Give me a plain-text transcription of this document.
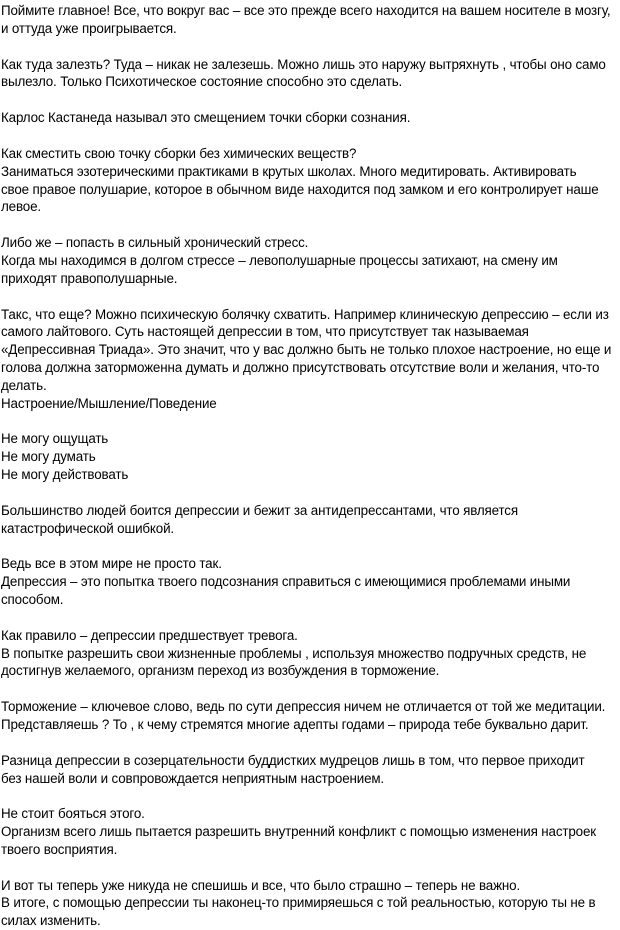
Поймите главное! Все, что вокруг вас – все это прежде всего находится на вашем носителе в мозгу,
и оттуда уже проигрывается.
Как туда залезть? Туда – никак не залезешь. Можно лишь это наружу вытряхнуть , чтобы оно само
вылезло. Только Психотическое состояние способно это сделать.
Карлос Кастанеда называл это смещением точки сборки сознания.
Как сместить свою точку сборки без химических веществ?
Заниматься эзотерическими практиками в крутых школах. Много медитировать. Активировать
свое правое полушарие, которое в обычном виде находится под замком и его контролирует наше
левое.
Либо же – попасть в сильный хронический стресс.
Когда мы находимся в долгом стрессе – левополушарные процессы затихают, на смену им
приходят правополушарные.
Такс, что еще? Можно психическую болячку схватить. Например клиническую депрессию – если из
самого лайтового. Суть настоящей депрессии в том, что присутствует так называемая
«Депрессивная Триада». Это значит, что у вас должно быть не только плохое настроение, но еще и
голова должна заторможенна думать и должно присутствовать отсутствие воли и желания, что-то
делать.
Настроение/Мышление/Поведение
Не могу ощущать
Не могу думать
Не могу действовать
Большинство людей боится депрессии и бежит за антидепрессантами, что является
катастрофической ошибкой.
Ведь все в этом мире не просто так.
Депрессия – это попытка твоего подсознания справиться с имеющимися проблемами иными
способом.
Как правило – депрессии предшествует тревога.
В попытке разрешить свои жизненные проблемы , используя множество подручных средств, не
достигнув желаемого, организм переход из возбуждения в торможение.
Торможение – ключевое слово, ведь по сути депрессия ничем не отличается от той же медитации.
Представляешь ? То , к чему стремятся многие адепты годами – природа тебе буквально дарит.
Разница депрессии в созерцательности буддистких мудрецов лишь в том, что первое приходит
без нашей воли и совпровождается неприятным настроением.
Не стоит бояться этого.
Организм всего лишь пытается разрешить внутренний конфликт с помощью изменения настроек
твоего восприятия.
И вот ты теперь уже никуда не спешишь и все, что было страшно – теперь не важно.
В итоге, с помощью депрессии ты наконец-то примиряешься с той реальностью, которую ты не в
силах изменить.
